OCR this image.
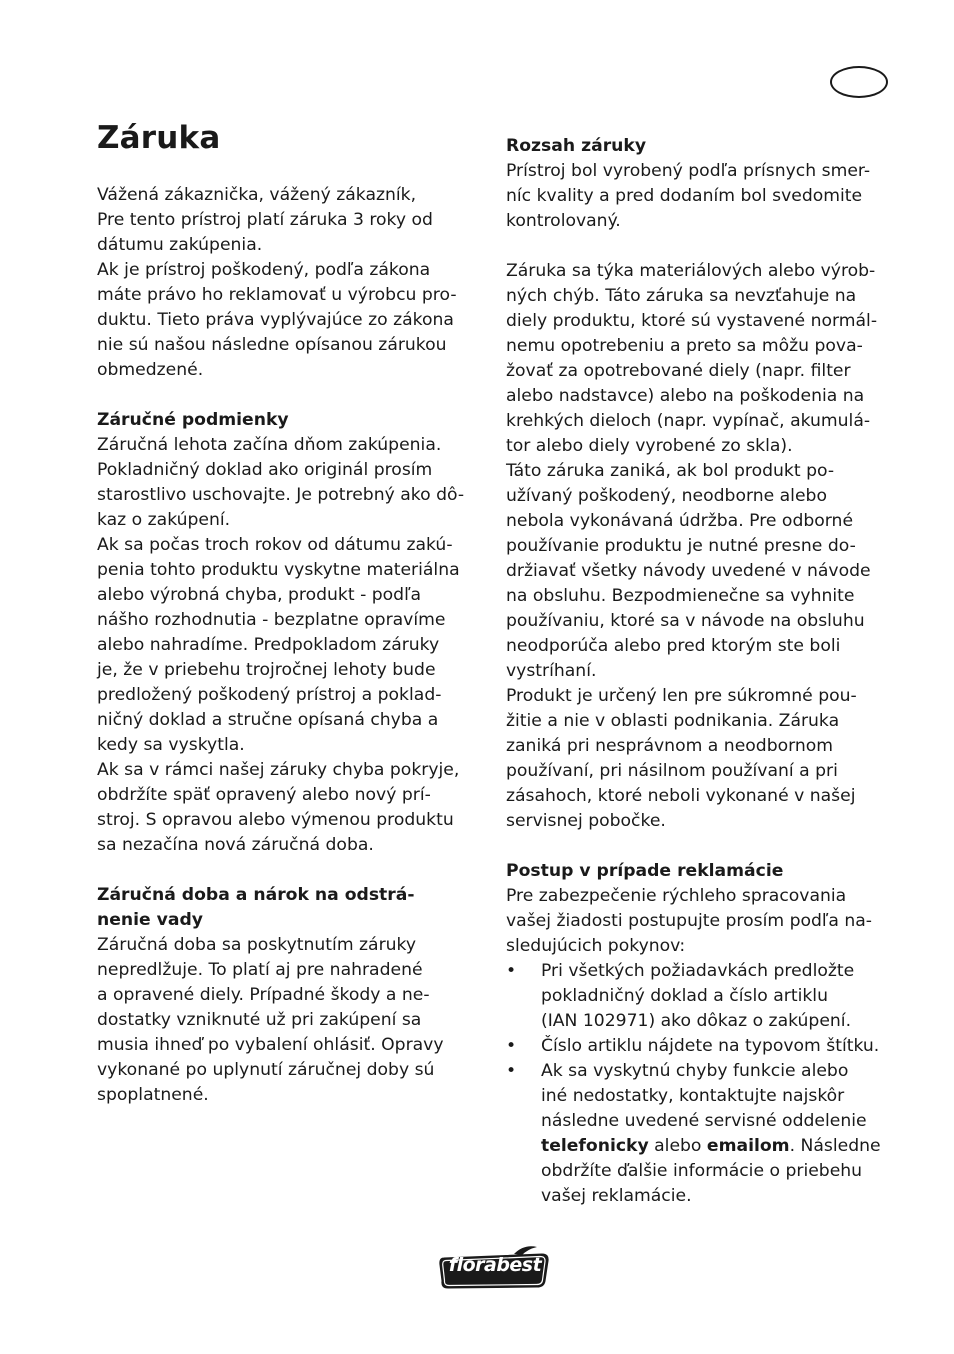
Záruka

Vážená zákaznička, vážený zákazník,
Pre tento prístroj platí záruka 3 roky od
dátumu zakúpenia.
Ak je prístroj poškodený, podľa zákona
máte právo ho reklamovať u výrobcu pro-
duktu. Tieto práva vyplývajúce zo zákona
nie sú našou následne opísanou zárukou
obmedzené.

Záručné podmienky

Záručná lehota začína dňom zakúpenia.
Pokladničný doklad ako originál prosím
starostlivo uschovajte. Je potrebný ako dô-
kaz o zakúpení.
Ak sa počas troch rokov od dátumu zakú-
penia tohto produktu vyskytne materiálna
alebo výrobná chyba, produkt - podľa
nášho rozhodnutia - bezplatne opravíme
alebo nahradíme. Predpokladom záruky
je, že v priebehu trojročnej lehoty bude
predložený poškodený prístroj a poklad-
ničný doklad a stručne opísaná chyba a
kedy sa vyskytla.
Ak sa v rámci našej záruky chyba pokryje,
obdržíte späť opravený alebo nový prí-
stroj. S opravou alebo výmenou produktu
sa nezačína nová záručná doba.

Záručná doba a nárok na odstrá-
nenie vady

Záručná doba sa poskytnutím záruky
nepredlžuje. To platí aj pre nahradené
a opravené diely. Prípadné škody a ne-
dostatky vzniknuté už pri zakúpení sa
musia ihneď po vybalení ohlásiť. Opravy
vykonané po uplynutí záručnej doby sú
spoplatnené.

Rozsah záruky

Prístroj bol vyrobený podľa prísnych smer-
níc kvality a pred dodaním bol svedomite
kontrolovaný.

Záruka sa týka materiálových alebo výrob-
ných chýb. Táto záruka sa nevzťahuje na
diely produktu, ktoré sú vystavené normál-
nemu opotrebeniu a preto sa môžu pova-
žovať za opotrebované diely (napr. filter
alebo nadstavce) alebo na poškodenia na
krehkých dieloch (napr. vypínač, akumulá-
tor alebo diely vyrobené zo skla).
Táto záruka zaniká, ak bol produkt po-
užívaný poškodený, neodborne alebo
nebola vykonávaná údržba. Pre odborné
používanie produktu je nutné presne do-
držiavať všetky návody uvedené v návode
na obsluhu. Bezpodmienečne sa vyhnite
používaniu, ktoré sa v návode na obsluhu
neodporúča alebo pred ktorým ste boli
vystríhaní.
Produkt je určený len pre súkromné pou-
žitie a nie v oblasti podnikania. Záruka
zaniká pri nesprávnom a neodbornom
používaní, pri násilnom používaní a pri
zásahoch, ktoré neboli vykonané v našej
servisnej pobočke.

Postup v prípade reklamácie

Pre zabezpečenie rýchleho spracovania
vašej žiadosti postupujte prosím podľa na-
sledujúcich pokynov:

• Pri všetkých požiadavkách predložte
pokladničný doklad a číslo artiklu
(IAN 102971) ako dôkaz o zakúpení.
• Číslo artiklu nájdete na typovom štítku.
• Ak sa vyskytnú chyby funkcie alebo
iné nedostatky, kontaktujte najskôr
následne uvedené servisné oddelenie
telefonicky alebo emailom. Následne
obdržíte ďalšie informácie o priebehu
vašej reklamácie.
florabest
